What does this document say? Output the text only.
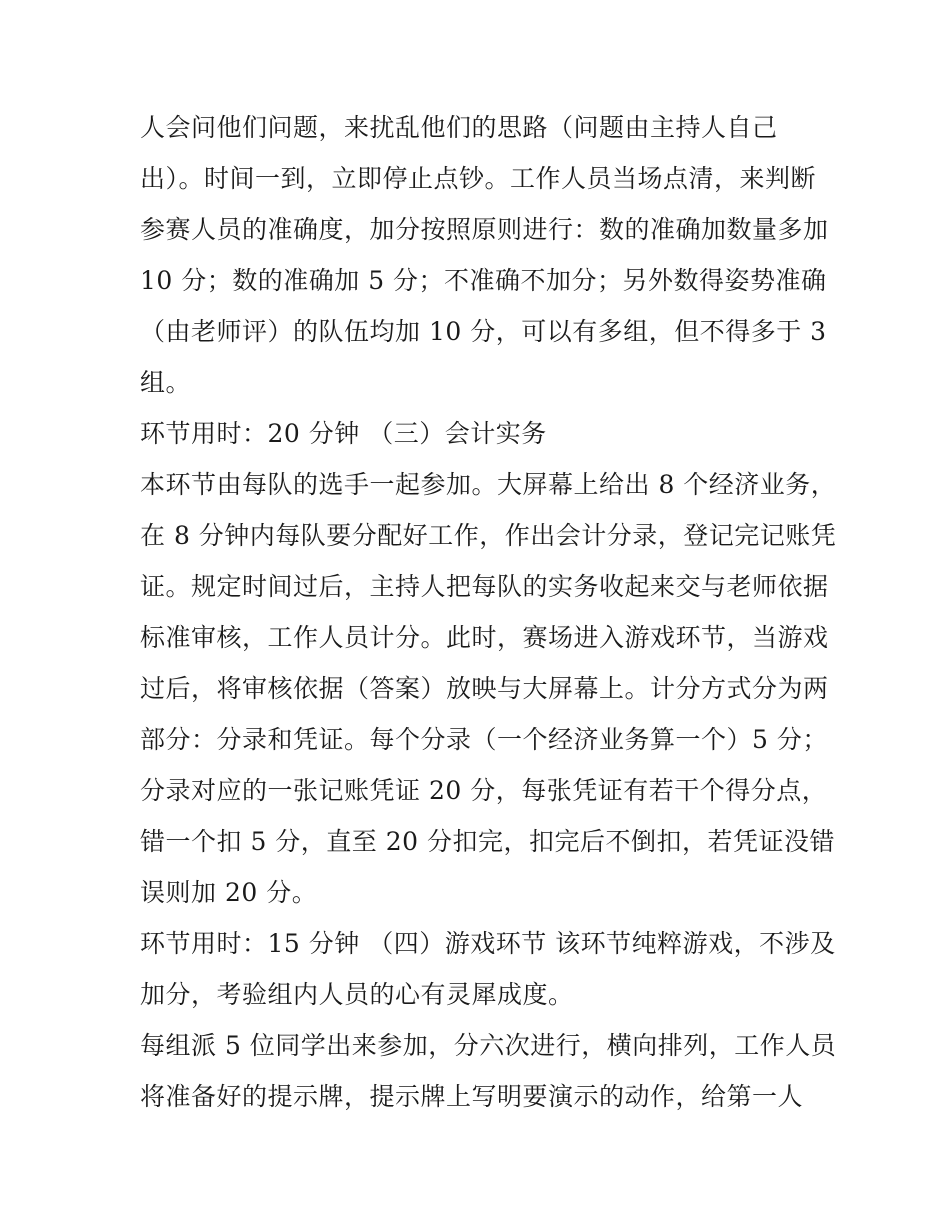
人会问他们问题，来扰乱他们的思路（问题由主持人自己
出）。时间一到，立即停止点钞。工作人员当场点清，来判断
参赛人员的准确度，加分按照原则进行：数的准确加数量多加
10 分；数的准确加 5 分；不准确不加分；另外数得姿势准确
（由老师评）的队伍均加 10 分，可以有多组，但不得多于 3
组。
环节用时：20 分钟 （三）会计实务
本环节由每队的选手一起参加。大屏幕上给出 8 个经济业务，
在 8 分钟内每队要分配好工作，作出会计分录，登记完记账凭
证。规定时间过后，主持人把每队的实务收起来交与老师依据
标准审核，工作人员计分。此时，赛场进入游戏环节，当游戏
过后，将审核依据（答案）放映与大屏幕上。计分方式分为两
部分：分录和凭证。每个分录（一个经济业务算一个）5 分；
分录对应的一张记账凭证 20 分，每张凭证有若干个得分点，
错一个扣 5 分，直至 20 分扣完，扣完后不倒扣，若凭证没错
误则加 20 分。
环节用时：15 分钟 （四）游戏环节 该环节纯粹游戏，不涉及
加分，考验组内人员的心有灵犀成度。
每组派 5 位同学出来参加，分六次进行，横向排列，工作人员
将准备好的提示牌，提示牌上写明要演示的动作，给第一人
